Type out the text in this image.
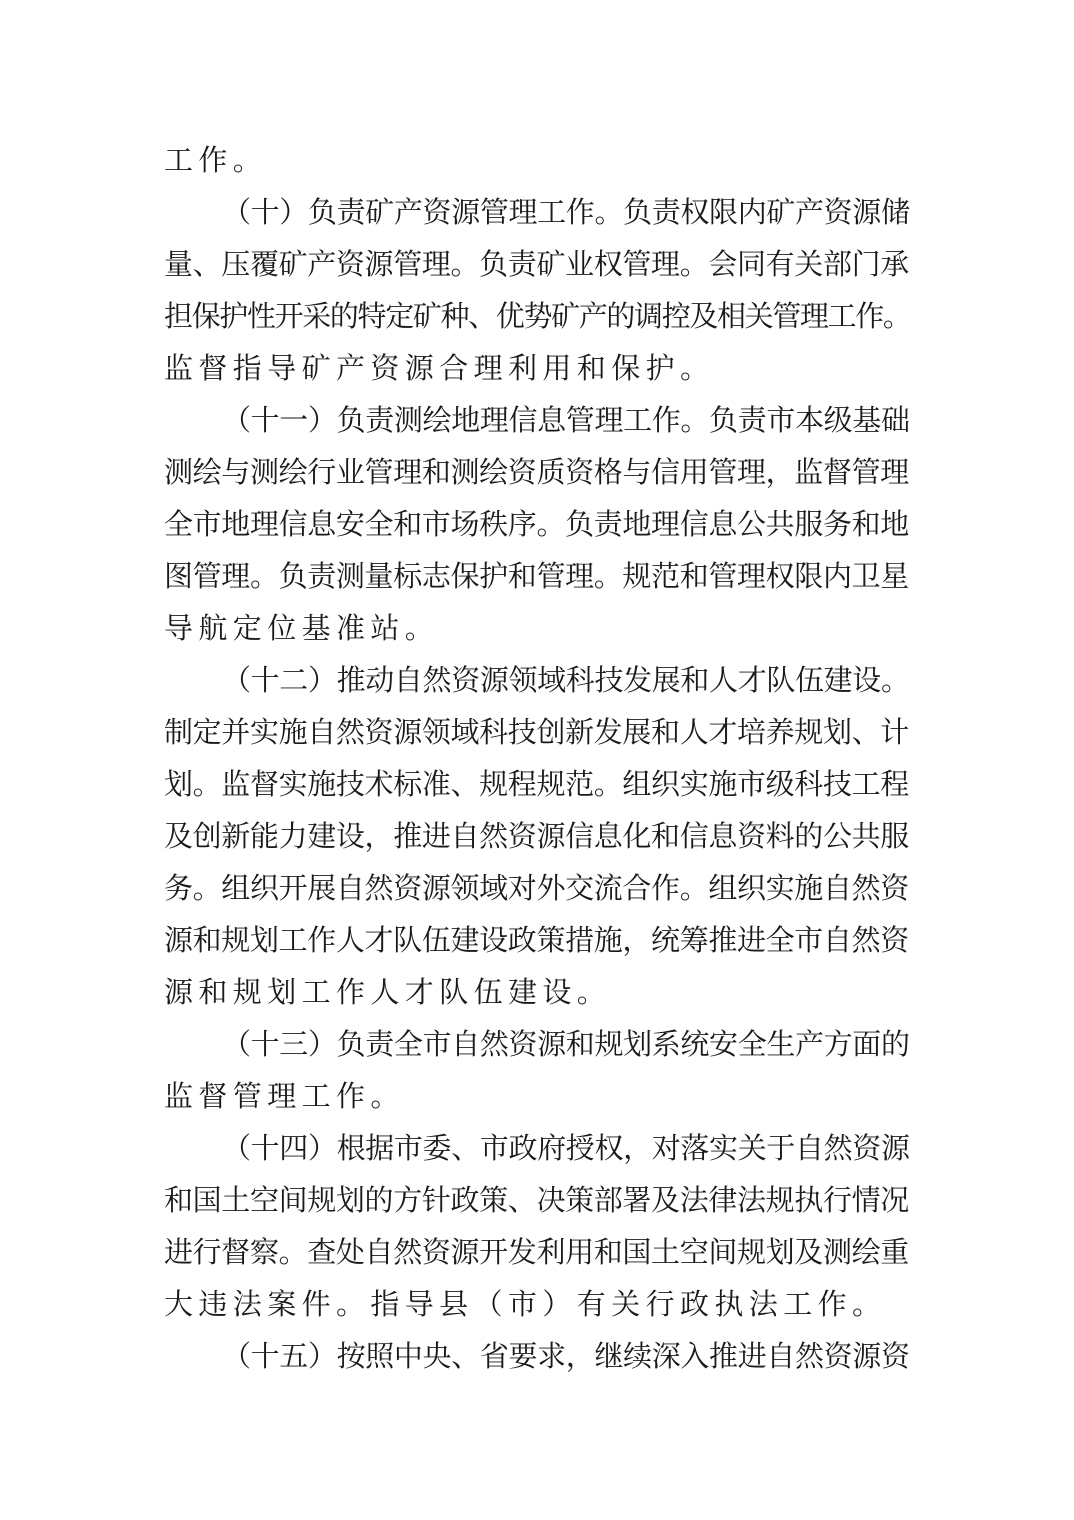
工作。
（十）负责矿产资源管理工作。负责权限内矿产资源储
量、压覆矿产资源管理。负责矿业权管理。会同有关部门承
担保护性开采的特定矿种、优势矿产的调控及相关管理工作。
监督指导矿产资源合理利用和保护。
（十一）负责测绘地理信息管理工作。负责市本级基础
测绘与测绘行业管理和测绘资质资格与信用管理，监督管理
全市地理信息安全和市场秩序。负责地理信息公共服务和地
图管理。负责测量标志保护和管理。规范和管理权限内卫星
导航定位基准站。
（十二）推动自然资源领域科技发展和人才队伍建设。
制定并实施自然资源领域科技创新发展和人才培养规划、计
划。监督实施技术标准、规程规范。组织实施市级科技工程
及创新能力建设，推进自然资源信息化和信息资料的公共服
务。组织开展自然资源领域对外交流合作。组织实施自然资
源和规划工作人才队伍建设政策措施，统筹推进全市自然资
源和规划工作人才队伍建设。
（十三）负责全市自然资源和规划系统安全生产方面的
监督管理工作。
（十四）根据市委、市政府授权，对落实关于自然资源
和国土空间规划的方针政策、决策部署及法律法规执行情况
进行督察。查处自然资源开发利用和国土空间规划及测绘重
大违法案件。指导县（市）有关行政执法工作。
（十五）按照中央、省要求，继续深入推进自然资源资
